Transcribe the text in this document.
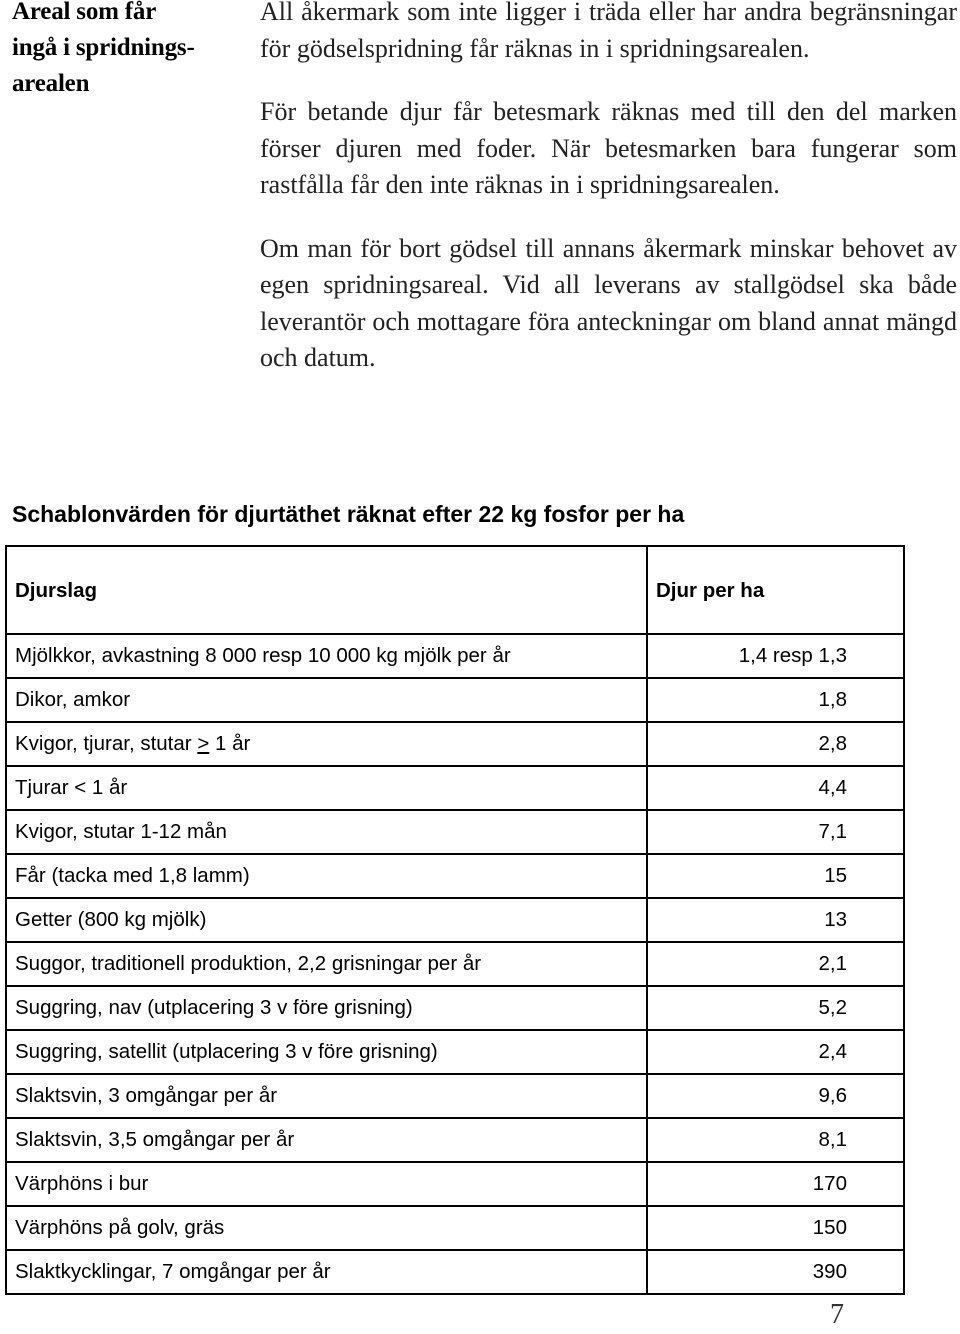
Areal som får
ingå i spridnings-
arealen

All åkermark som inte ligger i träda eller har andra begränsningar för gödselspridning får räknas in i spridningsarealen.

För betande djur får betesmark räknas med till den del marken förser djuren med foder. När betesmarken bara fungerar som rastfålla får den inte räknas in i spridningsarealen.

Om man för bort gödsel till annans åkermark minskar behovet av egen spridningsareal. Vid all leverans av stallgödsel ska både leverantör och mottagare föra anteckningar om bland annat mängd och datum.

Schablonvärden för djurtäthet räknat efter 22 kg fosfor per ha
Djurslag	Djur per ha
Mjölkkor, avkastning 8 000 resp 10 000 kg mjölk per år	1,4 resp 1,3
Dikor, amkor	1,8
Kvigor, tjurar, stutar ≥ 1 år	2,8
Tjurar < 1 år	4,4
Kvigor, stutar 1-12 mån	7,1
Får (tacka med 1,8 lamm)	15
Getter (800 kg mjölk)	13
Suggor, traditionell produktion, 2,2 grisningar per år	2,1
Suggring, nav (utplacering 3 v före grisning)	5,2
Suggring, satellit (utplacering 3 v före grisning)	2,4
Slaktsvin, 3 omgångar per år	9,6
Slaktsvin, 3,5 omgångar per år	8,1
Värphöns i bur	170
Värphöns på golv, gräs	150
Slaktkycklingar, 7 omgångar per år	390
7
